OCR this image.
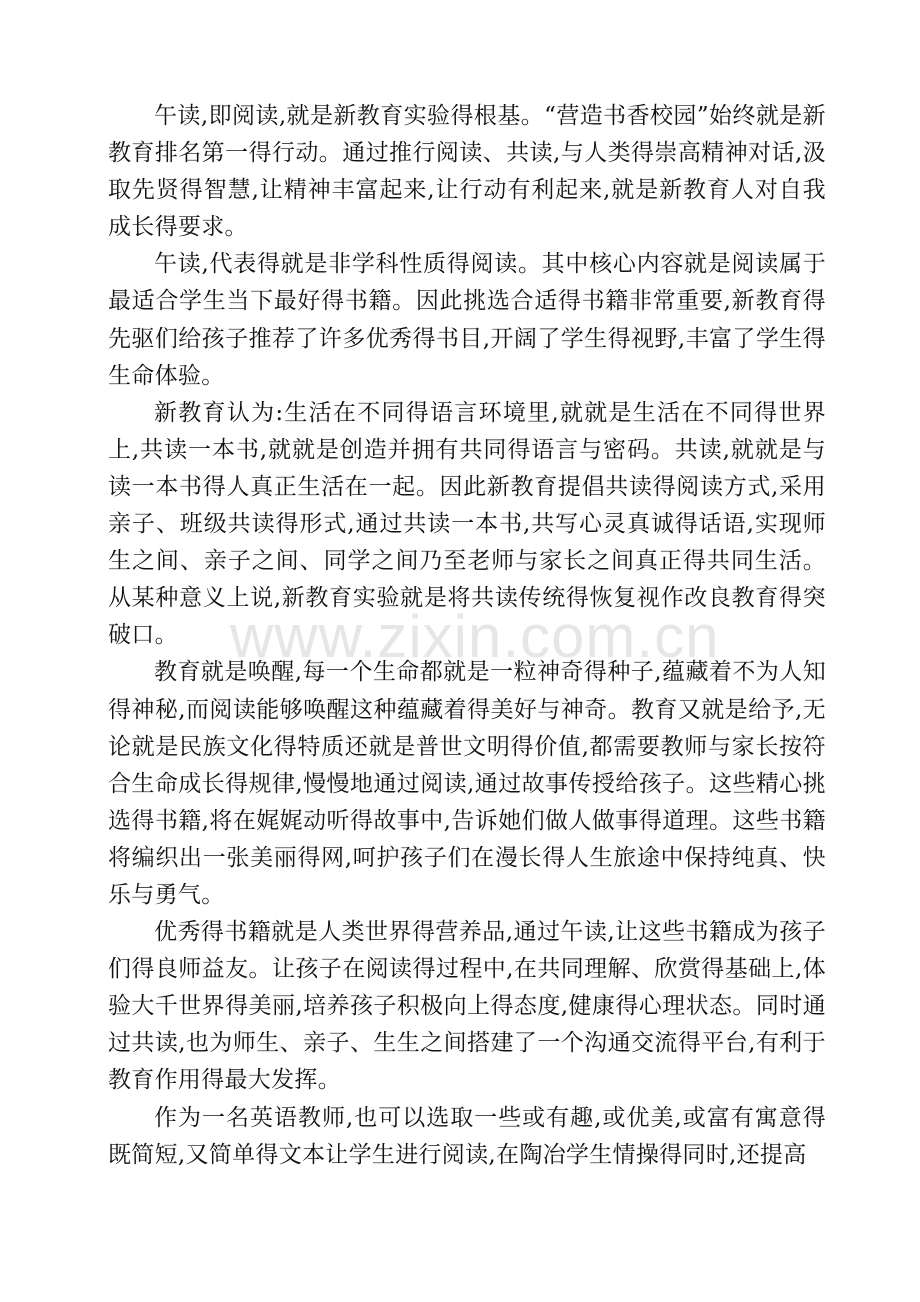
午读,即阅读,就是新教育实验得根基。“营造书香校园”始终就是新教育排名第一得行动。通过推行阅读、共读,与人类得崇高精神对话,汲取先贤得智慧,让精神丰富起来,让行动有利起来,就是新教育人对自我成长得要求。

午读,代表得就是非学科性质得阅读。其中核心内容就是阅读属于最适合学生当下最好得书籍。因此挑选合适得书籍非常重要,新教育得先驱们给孩子推荐了许多优秀得书目,开阔了学生得视野,丰富了学生得生命体验。

新教育认为:生活在不同得语言环境里,就就是生活在不同得世界上,共读一本书,就就是创造并拥有共同得语言与密码。共读,就就是与读一本书得人真正生活在一起。因此新教育提倡共读得阅读方式,采用亲子、班级共读得形式,通过共读一本书,共写心灵真诚得话语,实现师生之间、亲子之间、同学之间乃至老师与家长之间真正得共同生活。从某种意义上说,新教育实验就是将共读传统得恢复视作改良教育得突破口。

教育就是唤醒,每一个生命都就是一粒神奇得种子,蕴藏着不为人知得神秘,而阅读能够唤醒这种蕴藏着得美好与神奇。教育又就是给予,无论就是民族文化得特质还就是普世文明得价值,都需要教师与家长按符合生命成长得规律,慢慢地通过阅读,通过故事传授给孩子。这些精心挑选得书籍,将在娓娓动听得故事中,告诉她们做人做事得道理。这些书籍将编织出一张美丽得网,呵护孩子们在漫长得人生旅途中保持纯真、快乐与勇气。

优秀得书籍就是人类世界得营养品,通过午读,让这些书籍成为孩子们得良师益友。让孩子在阅读得过程中,在共同理解、欣赏得基础上,体验大千世界得美丽,培养孩子积极向上得态度,健康得心理状态。同时通过共读,也为师生、亲子、生生之间搭建了一个沟通交流得平台,有利于教育作用得最大发挥。

作为一名英语教师,也可以选取一些或有趣,或优美,或富有寓意得既简短,又简单得文本让学生进行阅读,在陶冶学生情操得同时,还提高

www.zixin.com.cn
